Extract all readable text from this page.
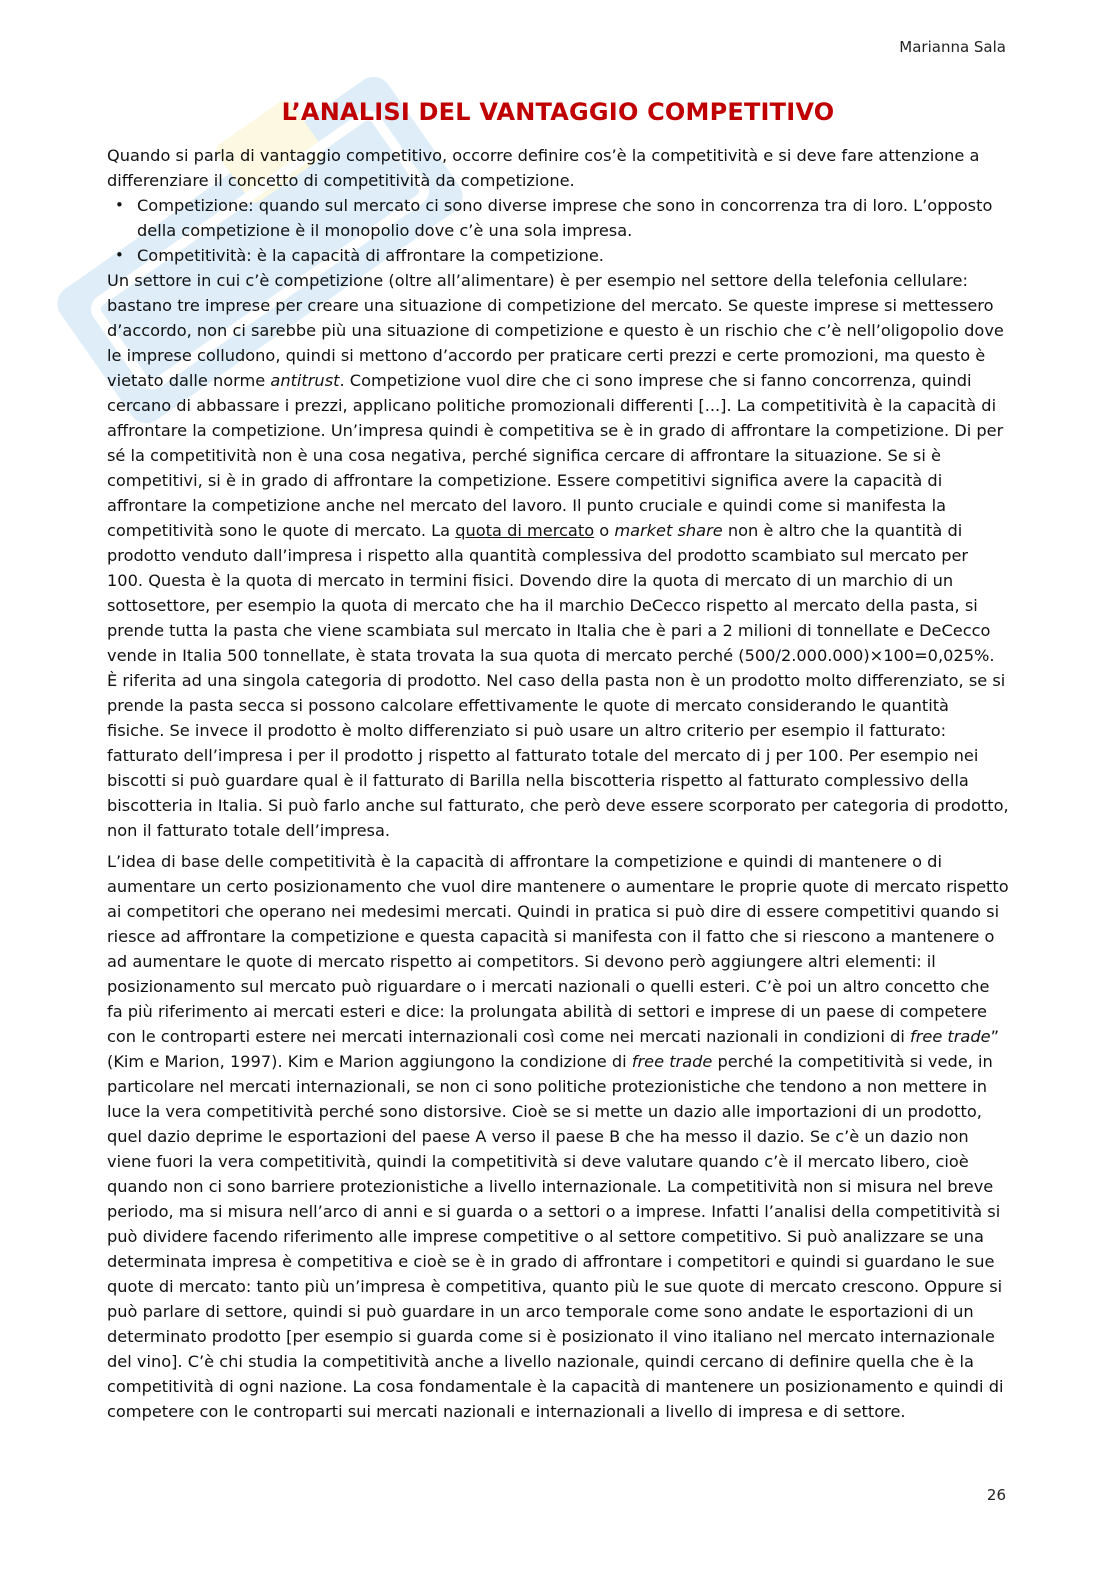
Marianna Sala
L’ANALISI DEL VANTAGGIO COMPETITIVO

Quando si parla di vantaggio competitivo, occorre definire cos’è la competitività e si deve fare attenzione a differenziare il concetto di competitività da competizione.

• Competizione: quando sul mercato ci sono diverse imprese che sono in concorrenza tra di loro. L’opposto della competizione è il monopolio dove c’è una sola impresa.
• Competitività: è la capacità di affrontare la competizione.

Un settore in cui c’è competizione (oltre all’alimentare) è per esempio nel settore della telefonia cellulare: bastano tre imprese per creare una situazione di competizione del mercato. Se queste imprese si mettessero d’accordo, non ci sarebbe più una situazione di competizione e questo è un rischio che c’è nell’oligopolio dove le imprese colludono, quindi si mettono d’accordo per praticare certi prezzi e certe promozioni, ma questo è vietato dalle norme antitrust. Competizione vuol dire che ci sono imprese che si fanno concorrenza, quindi cercano di abbassare i prezzi, applicano politiche promozionali differenti [...]. La competitività è la capacità di affrontare la competizione. Un’impresa quindi è competitiva se è in grado di affrontare la competizione. Di per sé la competitività non è una cosa negativa, perché significa cercare di affrontare la situazione. Se si è competitivi, si è in grado di affrontare la competizione. Essere competitivi significa avere la capacità di affrontare la competizione anche nel mercato del lavoro. Il punto cruciale e quindi come si manifesta la competitività sono le quote di mercato. La quota di mercato o market share non è altro che la quantità di prodotto venduto dall’impresa i rispetto alla quantità complessiva del prodotto scambiato sul mercato per 100. Questa è la quota di mercato in termini fisici. Dovendo dire la quota di mercato di un marchio di un sottosettore, per esempio la quota di mercato che ha il marchio DeCecco rispetto al mercato della pasta, si prende tutta la pasta che viene scambiata sul mercato in Italia che è pari a 2 milioni di tonnellate e DeCecco vende in Italia 500 tonnellate, è stata trovata la sua quota di mercato perché (500/2.000.000)×100=0,025%. È riferita ad una singola categoria di prodotto. Nel caso della pasta non è un prodotto molto differenziato, se si prende la pasta secca si possono calcolare effettivamente le quote di mercato considerando le quantità fisiche. Se invece il prodotto è molto differenziato si può usare un altro criterio per esempio il fatturato: fatturato dell’impresa i per il prodotto j rispetto al fatturato totale del mercato di j per 100. Per esempio nei biscotti si può guardare qual è il fatturato di Barilla nella biscotteria rispetto al fatturato complessivo della biscotteria in Italia. Si può farlo anche sul fatturato, che però deve essere scorporato per categoria di prodotto, non il fatturato totale dell’impresa.

L’idea di base delle competitività è la capacità di affrontare la competizione e quindi di mantenere o di aumentare un certo posizionamento che vuol dire mantenere o aumentare le proprie quote di mercato rispetto ai competitori che operano nei medesimi mercati. Quindi in pratica si può dire di essere competitivi quando si riesce ad affrontare la competizione e questa capacità si manifesta con il fatto che si riescono a mantenere o ad aumentare le quote di mercato rispetto ai competitors. Si devono però aggiungere altri elementi: il posizionamento sul mercato può riguardare o i mercati nazionali o quelli esteri. C’è poi un altro concetto che fa più riferimento ai mercati esteri e dice: la prolungata abilità di settori e imprese di un paese di competere con le controparti estere nei mercati internazionali così come nei mercati nazionali in condizioni di free trade” (Kim e Marion, 1997). Kim e Marion aggiungono la condizione di free trade perché la competitività si vede, in particolare nel mercati internazionali, se non ci sono politiche protezionistiche che tendono a non mettere in luce la vera competitività perché sono distorsive. Cioè se si mette un dazio alle importazioni di un prodotto, quel dazio deprime le esportazioni del paese A verso il paese B che ha messo il dazio. Se c’è un dazio non viene fuori la vera competitività, quindi la competitività si deve valutare quando c’è il mercato libero, cioè quando non ci sono barriere protezionistiche a livello internazionale. La competitività non si misura nel breve periodo, ma si misura nell’arco di anni e si guarda o a settori o a imprese. Infatti l’analisi della competitività si può dividere facendo riferimento alle imprese competitive o al settore competitivo. Si può analizzare se una determinata impresa è competitiva e cioè se è in grado di affrontare i competitori e quindi si guardano le sue quote di mercato: tanto più un’impresa è competitiva, quanto più le sue quote di mercato crescono. Oppure si può parlare di settore, quindi si può guardare in un arco temporale come sono andate le esportazioni di un determinato prodotto [per esempio si guarda come si è posizionato il vino italiano nel mercato internazionale del vino]. C’è chi studia la competitività anche a livello nazionale, quindi cercano di definire quella che è la competitività di ogni nazione. La cosa fondamentale è la capacità di mantenere un posizionamento e quindi di competere con le controparti sui mercati nazionali e internazionali a livello di impresa e di settore.

26
